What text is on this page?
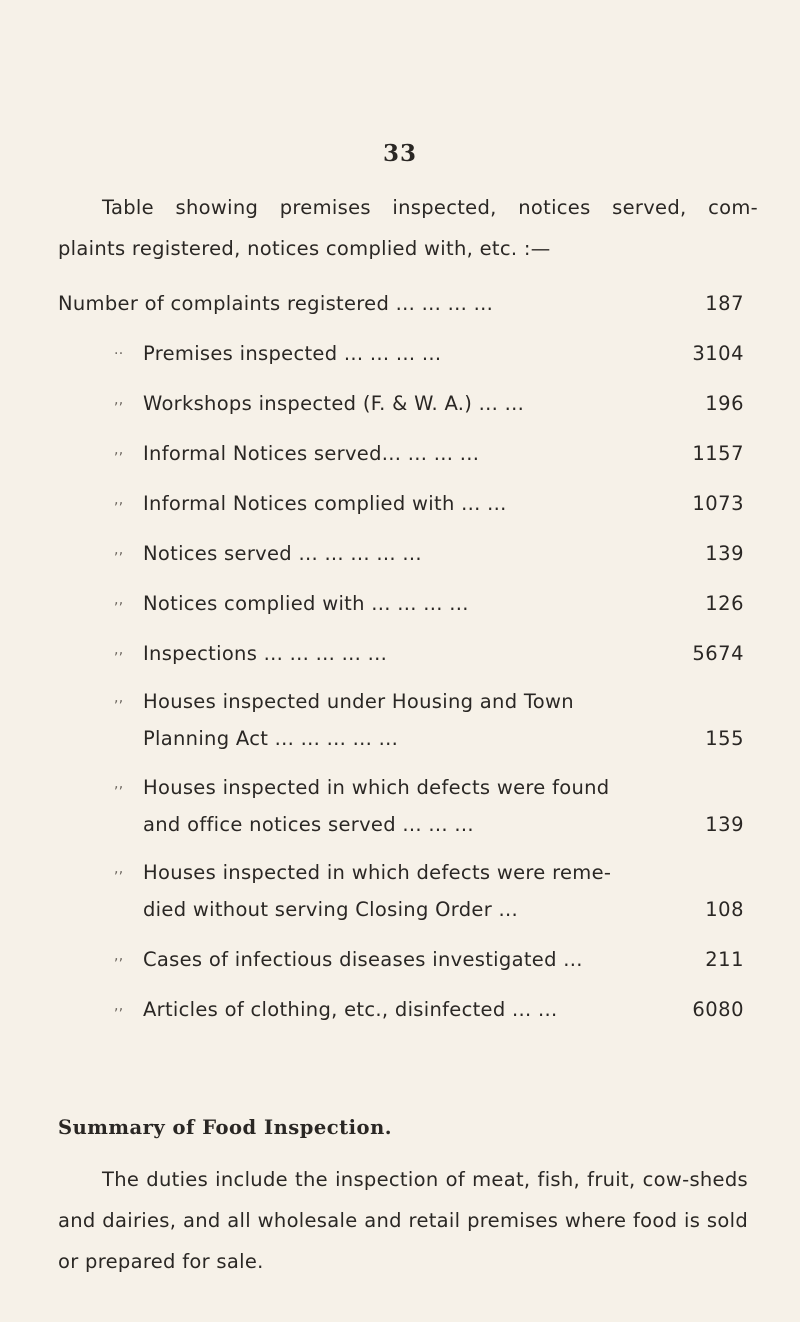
33
Table showing premises inspected, notices served, com-
plaints registered, notices complied with, etc. :—
Number of complaints registered ... ... ... ...	187
.. Premises inspected ... ... ... ...	3104
,, Workshops inspected (F. & W. A.) ... ...	196
,, Informal Notices served... ... ... ...	1157
,, Informal Notices complied with ... ...	1073
,, Notices served ... ... ... ... ...	139
,, Notices complied with ... ... ... ...	126
,, Inspections ... ... ... ... ...	5674
,, Houses inspected under Housing and Town
Planning Act ... ... ... ... ...	155
,, Houses inspected in which defects were found
and office notices served ... ... ...	139
,, Houses inspected in which defects were reme-
died without serving Closing Order ...	108
,, Cases of infectious diseases investigated ...	211
,, Articles of clothing, etc., disinfected ... ...	6080
Summary of Food Inspection.
The duties include the inspection of meat, fish, fruit, cow-sheds and dairies, and all wholesale and retail premises where food is sold or prepared for sale.
